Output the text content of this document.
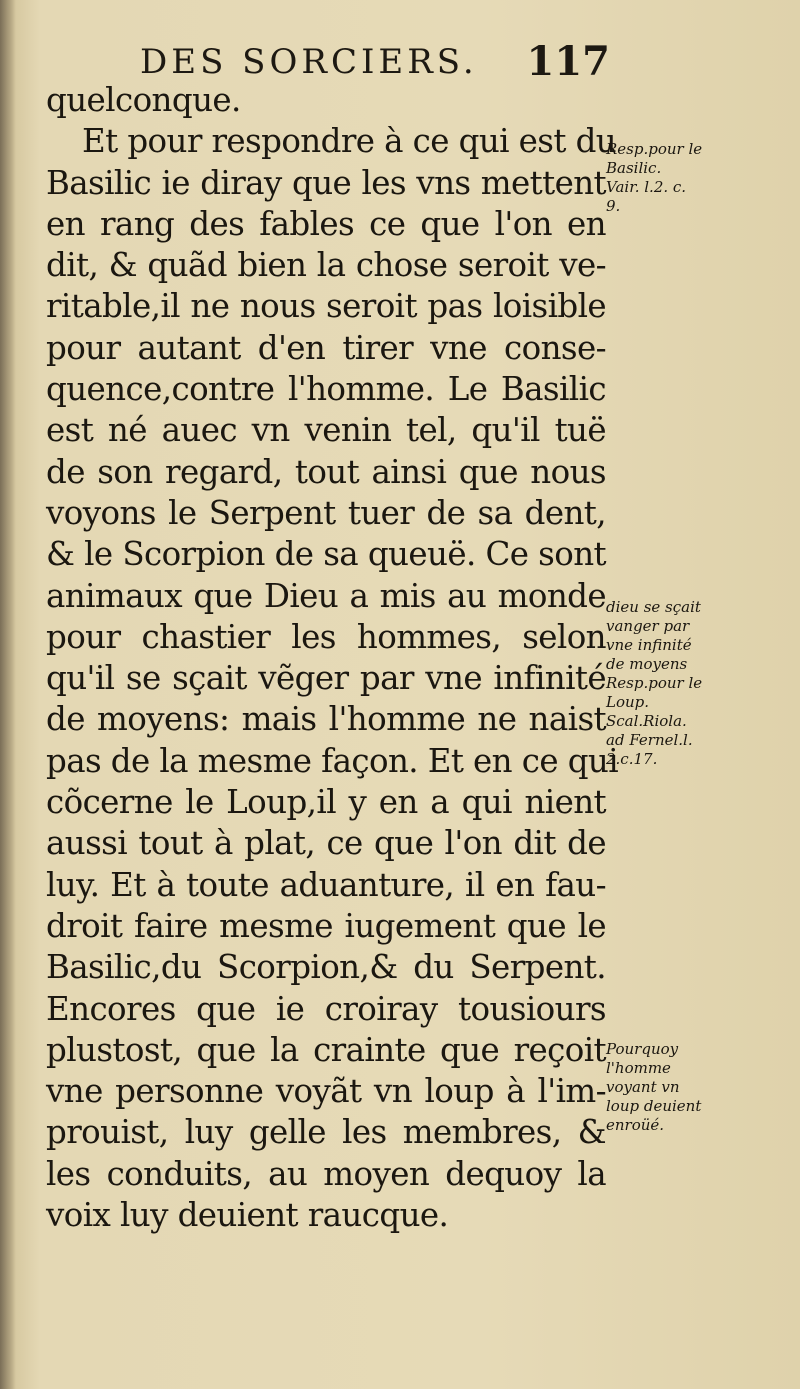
DES SORCIERS. 117
quelconque.
Et pour respondre à ce qui est du
Basilic ie diray que les vns mettent
en rang des fables ce que l'on en
dit, & quãd bien la chose seroit ve-
ritable,il ne nous seroit pas loisible
pour autant d'en tirer vne conse-
quence,contre l'homme. Le Basilic
est né auec vn venin tel, qu'il tuë
de son regard, tout ainsi que nous
voyons le Serpent tuer de sa dent,
& le Scorpion de sa queuë. Ce sont
animaux que Dieu a mis au monde
pour chastier les hommes, selon
qu'il se sçait vẽger par vne infinité
de moyens: mais l'homme ne naist
pas de la mesme façon. Et en ce qui
cõcerne le Loup,il y en a qui nient
aussi tout à plat, ce que l'on dit de
luy. Et à toute aduanture, il en fau-
droit faire mesme iugement que le
Basilic,du Scorpion,& du Serpent.
Encores que ie croiray tousiours
plustost, que la crainte que reçoit
vne personne voyãt vn loup à l'im-
prouist, luy gelle les membres, &
les conduits, au moyen dequoy la
voix luy deuient raucque.
Resp.pour le
Basilic.
Vair. l.2. c.
9.
dieu se sçait
vanger par
vne infinité
de moyens
Resp.pour le
Loup.
Scal.Riola.
ad Fernel.l.
2.c.17.
Pourquoy
l'homme
voyant vn
loup deuient
enroüé.
